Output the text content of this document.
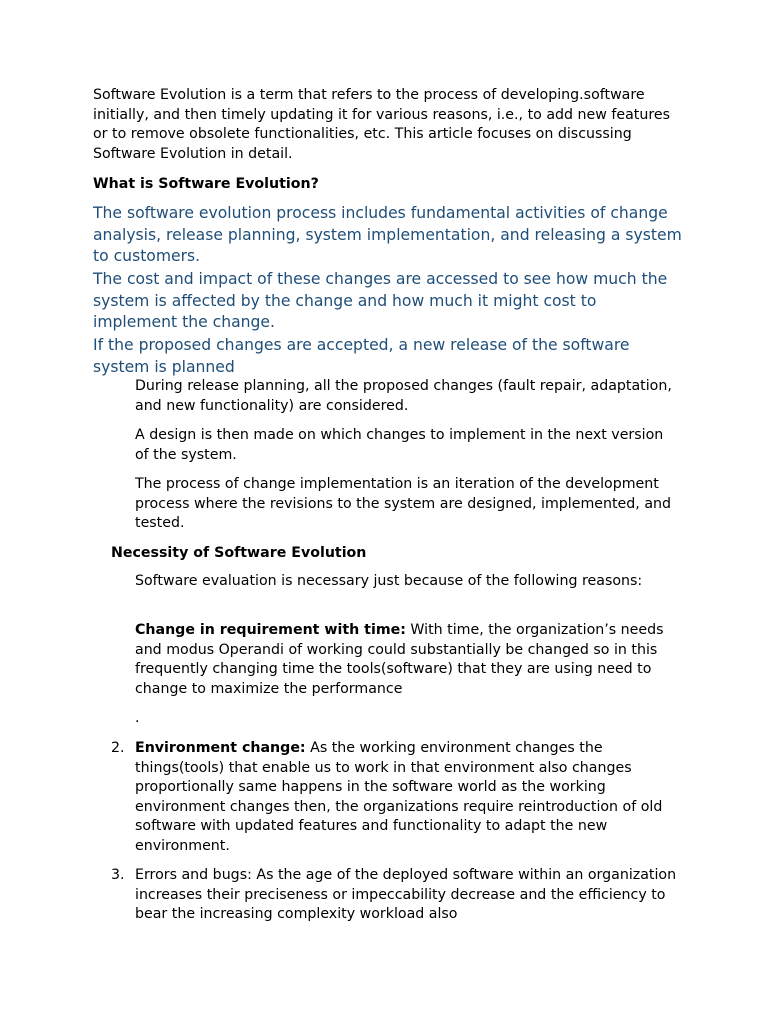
Software Evolution is a term that refers to the process of developing.software initially, and then timely updating it for various reasons, i.e., to add new features or to remove obsolete functionalities, etc. This article focuses on discussing Software Evolution in detail.

What is Software Evolution?

The software evolution process includes fundamental activities of change analysis, release planning, system implementation, and releasing a system to customers.

The cost and impact of these changes are accessed to see how much the system is affected by the change and how much it might cost to implement the change.

If the proposed changes are accepted, a new release of the software system is planned

During release planning, all the proposed changes (fault repair, adaptation, and new functionality) are considered.

A design is then made on which changes to implement in the next version of the system.

The process of change implementation is an iteration of the development process where the revisions to the system are designed, implemented, and tested.

Necessity of Software Evolution

Software evaluation is necessary just because of the following reasons:

Change in requirement with time: With time, the organization’s needs and modus Operandi of working could substantially be changed so in this frequently changing time the tools(software) that they are using need to change to maximize the performance

.

2. Environment change: As the working environment changes the things(tools) that enable us to work in that environment also changes proportionally same happens in the software world as the working environment changes then, the organizations require reintroduction of old software with updated features and functionality to adapt the new environment.

3. Errors and bugs: As the age of the deployed software within an organization increases their preciseness or impeccability decrease and the efficiency to bear the increasing complexity workload also
